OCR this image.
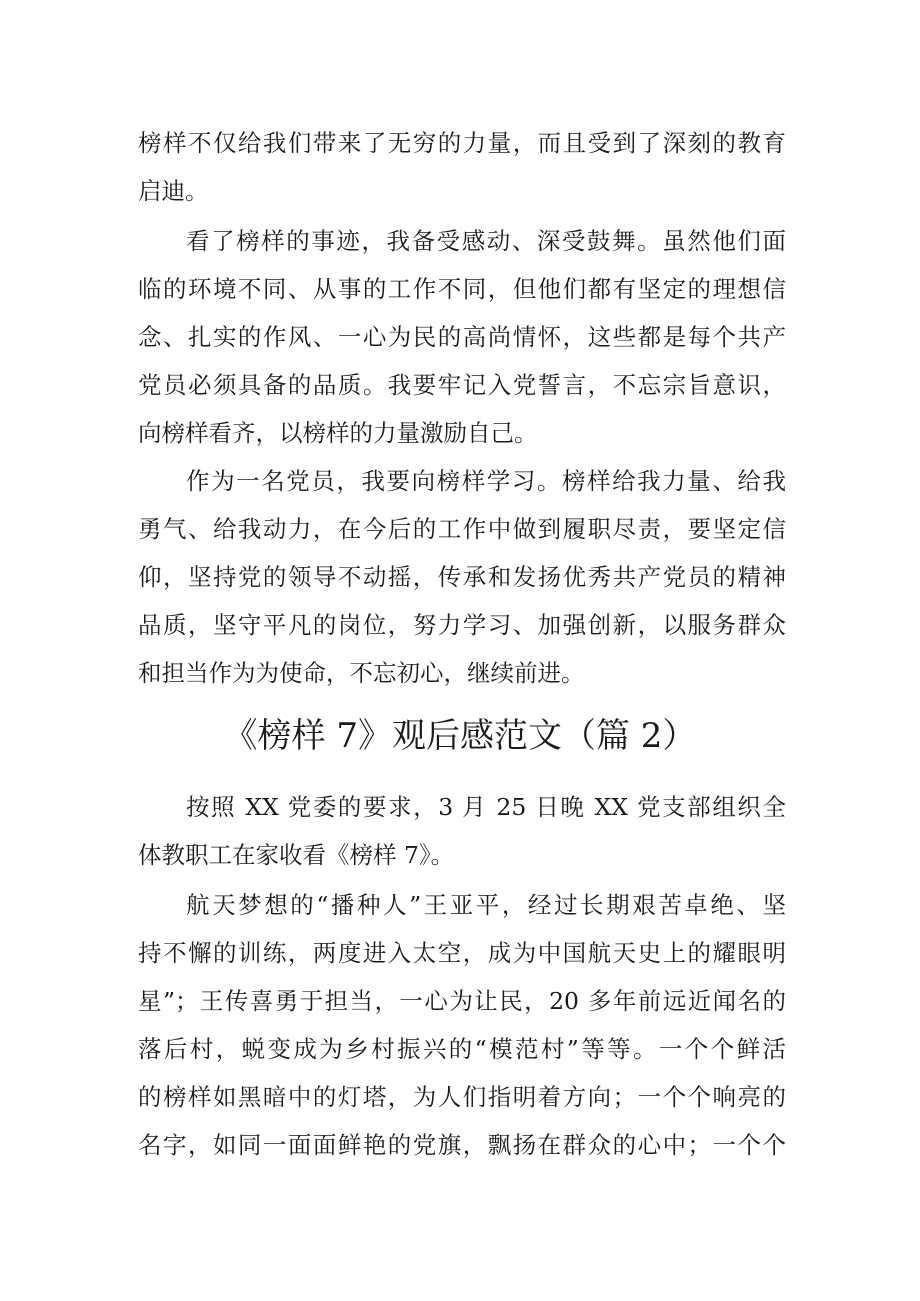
榜样不仅给我们带来了无穷的力量，而且受到了深刻的教育
启迪。
看了榜样的事迹，我备受感动、深受鼓舞。虽然他们面
临的环境不同、从事的工作不同，但他们都有坚定的理想信
念、扎实的作风、一心为民的高尚情怀，这些都是每个共产
党员必须具备的品质。我要牢记入党誓言，不忘宗旨意识，
向榜样看齐，以榜样的力量激励自己。
作为一名党员，我要向榜样学习。榜样给我力量、给我
勇气、给我动力，在今后的工作中做到履职尽责，要坚定信
仰，坚持党的领导不动摇，传承和发扬优秀共产党员的精神
品质，坚守平凡的岗位，努力学习、加强创新，以服务群众
和担当作为为使命，不忘初心，继续前进。
《榜样 7》观后感范文（篇 2）
按照 XX 党委的要求，3 月 25 日晚 XX 党支部组织全
体教职工在家收看《榜样 7》。
航天梦想的“播种人”王亚平，经过长期艰苦卓绝、坚
持不懈的训练，两度进入太空，成为中国航天史上的耀眼明
星”；王传喜勇于担当，一心为让民，20 多年前远近闻名的
落后村，蜕变成为乡村振兴的“模范村”等等。一个个鲜活
的榜样如黑暗中的灯塔，为人们指明着方向；一个个响亮的
名字，如同一面面鲜艳的党旗，飘扬在群众的心中；一个个
